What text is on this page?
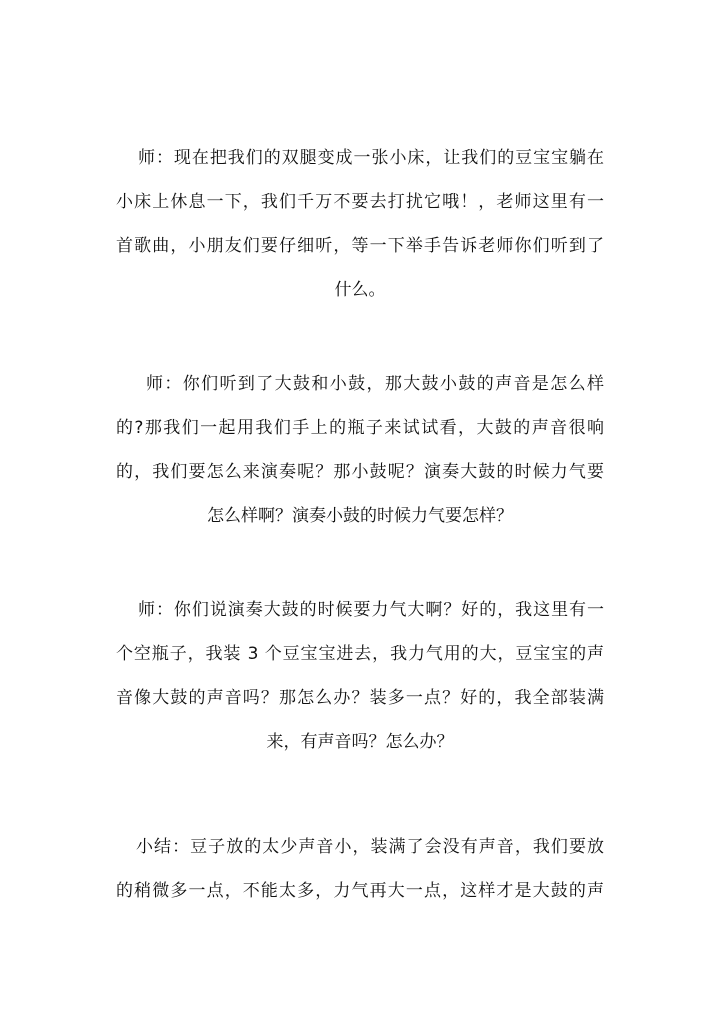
师：现在把我们的双腿变成一张小床，让我们的豆宝宝躺在
小床上休息一下，我们千万不要去打扰它哦！，老师这里有一
首歌曲，小朋友们要仔细听，等一下举手告诉老师你们听到了
什么。
师：你们听到了大鼓和小鼓，那大鼓小鼓的声音是怎么样
的?那我们一起用我们手上的瓶子来试试看，大鼓的声音很响
的，我们要怎么来演奏呢？那小鼓呢？演奏大鼓的时候力气要
怎么样啊？演奏小鼓的时候力气要怎样？
师：你们说演奏大鼓的时候要力气大啊？好的，我这里有一
个空瓶子，我装 3 个豆宝宝进去，我力气用的大，豆宝宝的声
音像大鼓的声音吗？那怎么办？装多一点？好的，我全部装满
来，有声音吗？怎么办？
小结：豆子放的太少声音小，装满了会没有声音，我们要放
的稍微多一点，不能太多，力气再大一点，这样才是大鼓的声
